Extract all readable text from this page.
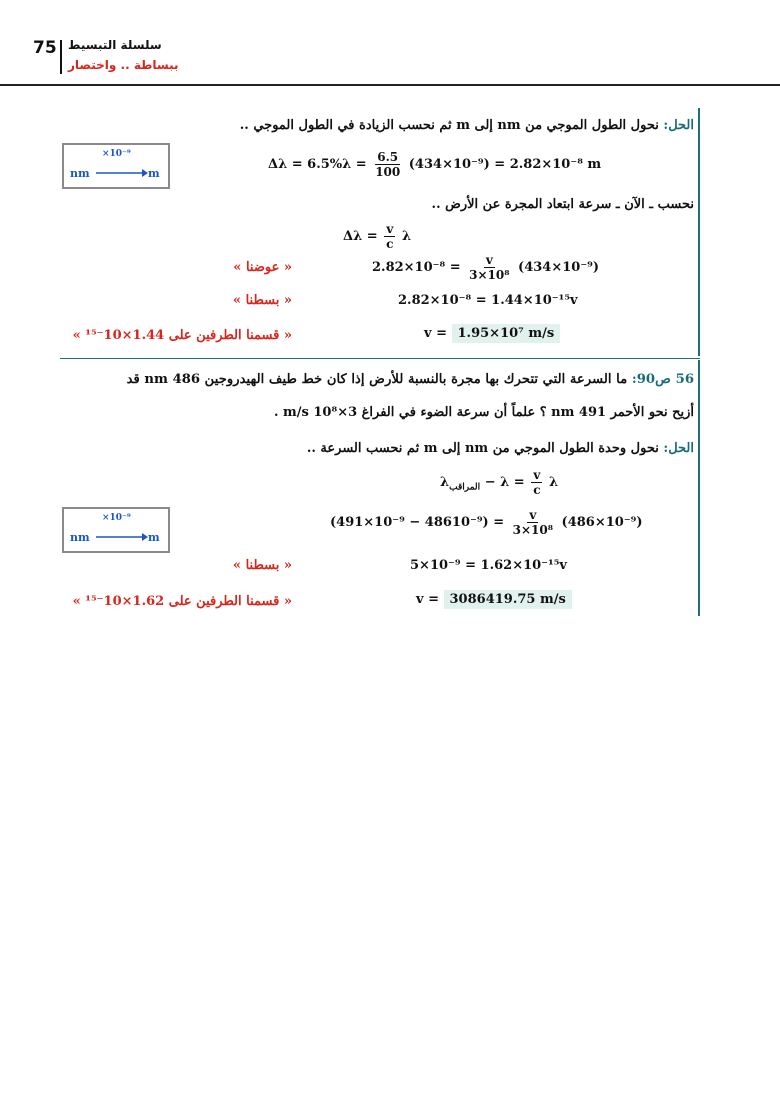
75 سلسلة التبسيط
ببساطة .. واختصار
الحل: نحول الطول الموجي من nm إلى m ثم نحسب الزيادة في الطول الموجي ..
×10⁻⁹
nm	m
$\Delta\lambda = 6.5\%\lambda = \frac{6.5}{100} (434\times 10^{-9}) = 2.82\times 10^{-8}$ m
نحسب ـ الآن ـ سرعة ابتعاد المجرة عن الأرض ..
$\Delta\lambda = \frac{v}{c}$ λ
$2.82\times 10^{-8} = \frac{v}{\text{3×10⁸}} (434\times 10^{-9})$
« عوضنا »
2.82×10⁻⁸ = 1.44×10⁻¹⁵v
« بسطنا »
v = 1.95×10⁷ m/s
« قسمنا الطرفين على 1.44×10⁻¹⁵ »
56 ص90: ما السرعة التي تتحرك بها مجرة بالنسبة للأرض إذا كان خط طيف الهيدروجين 486 nm قد
أزيح نحو الأحمر 491 nm ؟ علماً أن سرعة الضوء في الفراغ 3×10⁸ m/s .
الحل: نحول وحدة الطول الموجي من nm إلى m ثم نحسب السرعة ..
$\lambda_{المراقب} - \lambda = \frac{v}{c}$ λ
×10⁻⁹
nm	m
$(491\times 10^{-9} - 48610^{-9}) = \frac{v}{\text{3×10⁸}} (486\times 10^{-9})$
5×10⁻⁹ = 1.62×10⁻¹⁵v
« بسطنا »
v = 3086419.75 m/s
« قسمنا الطرفين على 1.62×10⁻¹⁵ »
